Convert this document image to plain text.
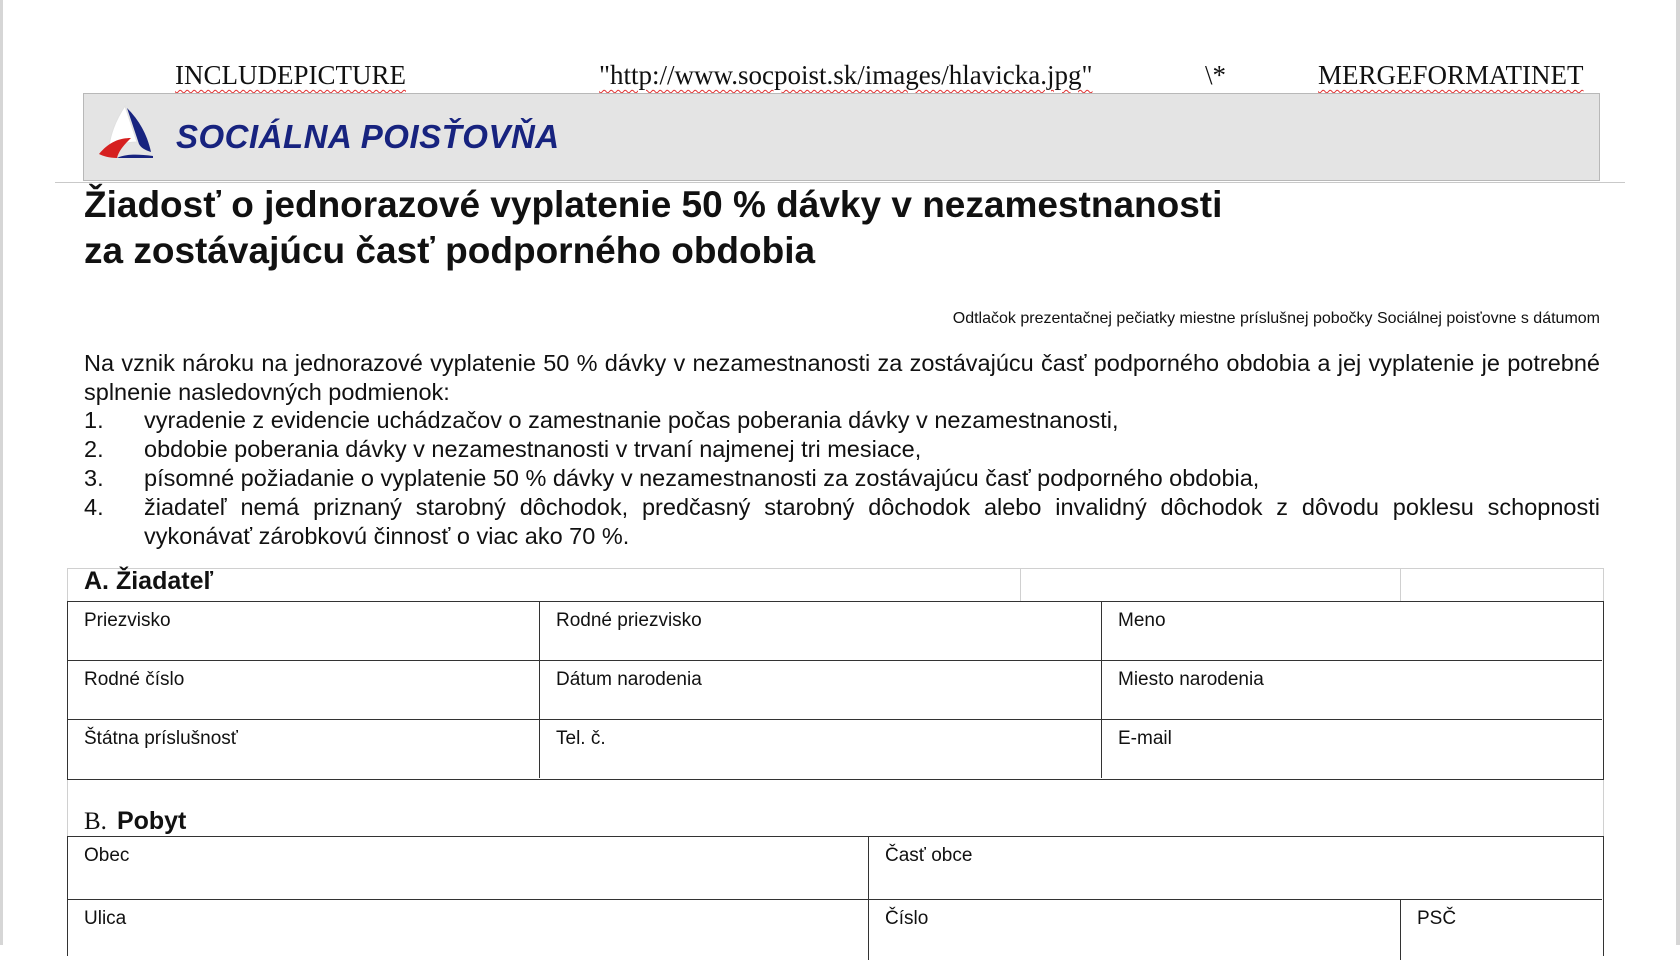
INCLUDEPICTURE	"http://www.socpoist.sk/images/hlavicka.jpg"	\*	MERGEFORMATINET
SOCIÁLNA POISŤOVŇA
Žiadosť o jednorazové vyplatenie 50 % dávky v nezamestnanosti
za zostávajúcu časť podporného obdobia
Odtlačok prezentačnej pečiatky miestne príslušnej pobočky Sociálnej poisťovne s dátumom
Na vznik nároku na jednorazové vyplatenie 50 % dávky v nezamestnanosti za zostávajúcu časť podporného obdobia a jej vyplatenie je potrebné splnenie nasledovných podmienok:
1. vyradenie z evidencie uchádzačov o zamestnanie počas poberania dávky v nezamestnanosti,
2. obdobie poberania dávky v nezamestnanosti v trvaní najmenej tri mesiace,
3. písomné požiadanie o vyplatenie 50 % dávky v nezamestnanosti za zostávajúcu časť podporného obdobia,
4. žiadateľ nemá priznaný starobný dôchodok, predčasný starobný dôchodok alebo invalidný dôchodok z dôvodu poklesu schopnosti vykonávať zárobkovú činnosť o viac ako 70 %.
A. Žiadateľ
Priezvisko	Rodné priezvisko	Meno
Rodné číslo	Dátum narodenia	Miesto narodenia
Štátna príslušnosť	Tel. č.	E-mail
B. Pobyt
Obec	Časť obce
Ulica	Číslo	PSČ
